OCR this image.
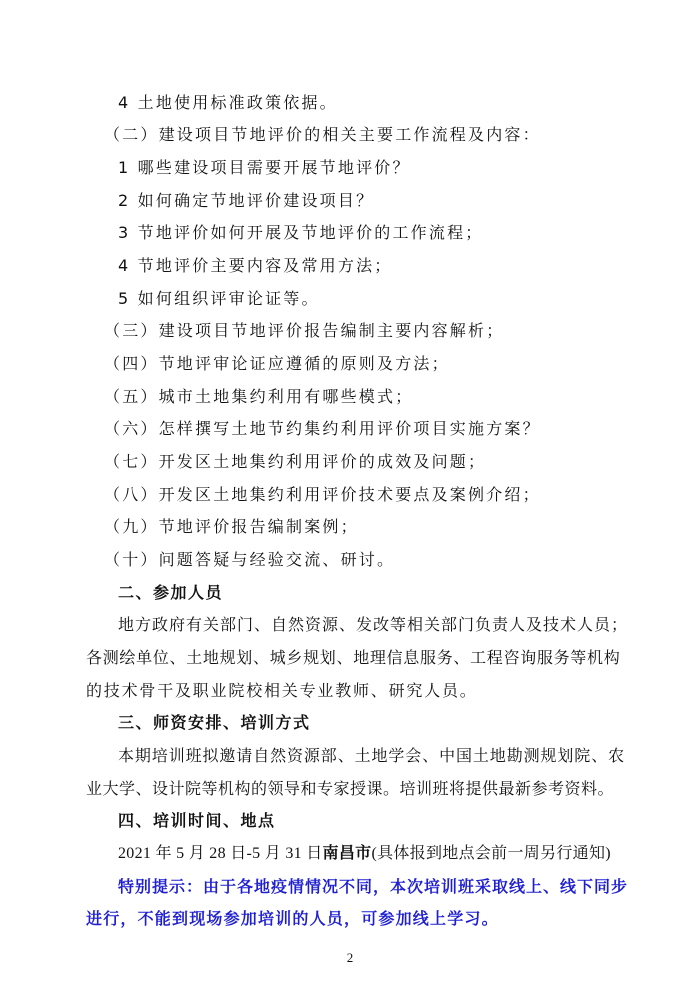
4 土地使用标准政策依据。
（二）建设项目节地评价的相关主要工作流程及内容：
1 哪些建设项目需要开展节地评价？
2 如何确定节地评价建设项目？
3 节地评价如何开展及节地评价的工作流程；
4 节地评价主要内容及常用方法；
5 如何组织评审论证等。
（三）建设项目节地评价报告编制主要内容解析；
（四）节地评审论证应遵循的原则及方法；
（五）城市土地集约利用有哪些模式；
（六）怎样撰写土地节约集约利用评价项目实施方案？
（七）开发区土地集约利用评价的成效及问题；
（八）开发区土地集约利用评价技术要点及案例介绍；
（九）节地评价报告编制案例；
（十）问题答疑与经验交流、研讨。
二、参加人员
地方政府有关部门、自然资源、发改等相关部门负责人及技术人员；
各测绘单位、土地规划、城乡规划、地理信息服务、工程咨询服务等机构
的技术骨干及职业院校相关专业教师、研究人员。
三、师资安排、培训方式
本期培训班拟邀请自然资源部、土地学会、中国土地勘测规划院、农
业大学、设计院等机构的领导和专家授课。培训班将提供最新参考资料。
四、培训时间、地点
2021 年 5 月 28 日-5 月 31 日南昌市(具体报到地点会前一周另行通知)
特别提示：由于各地疫情情况不同，本次培训班采取线上、线下同步
进行，不能到现场参加培训的人员，可参加线上学习。
2
